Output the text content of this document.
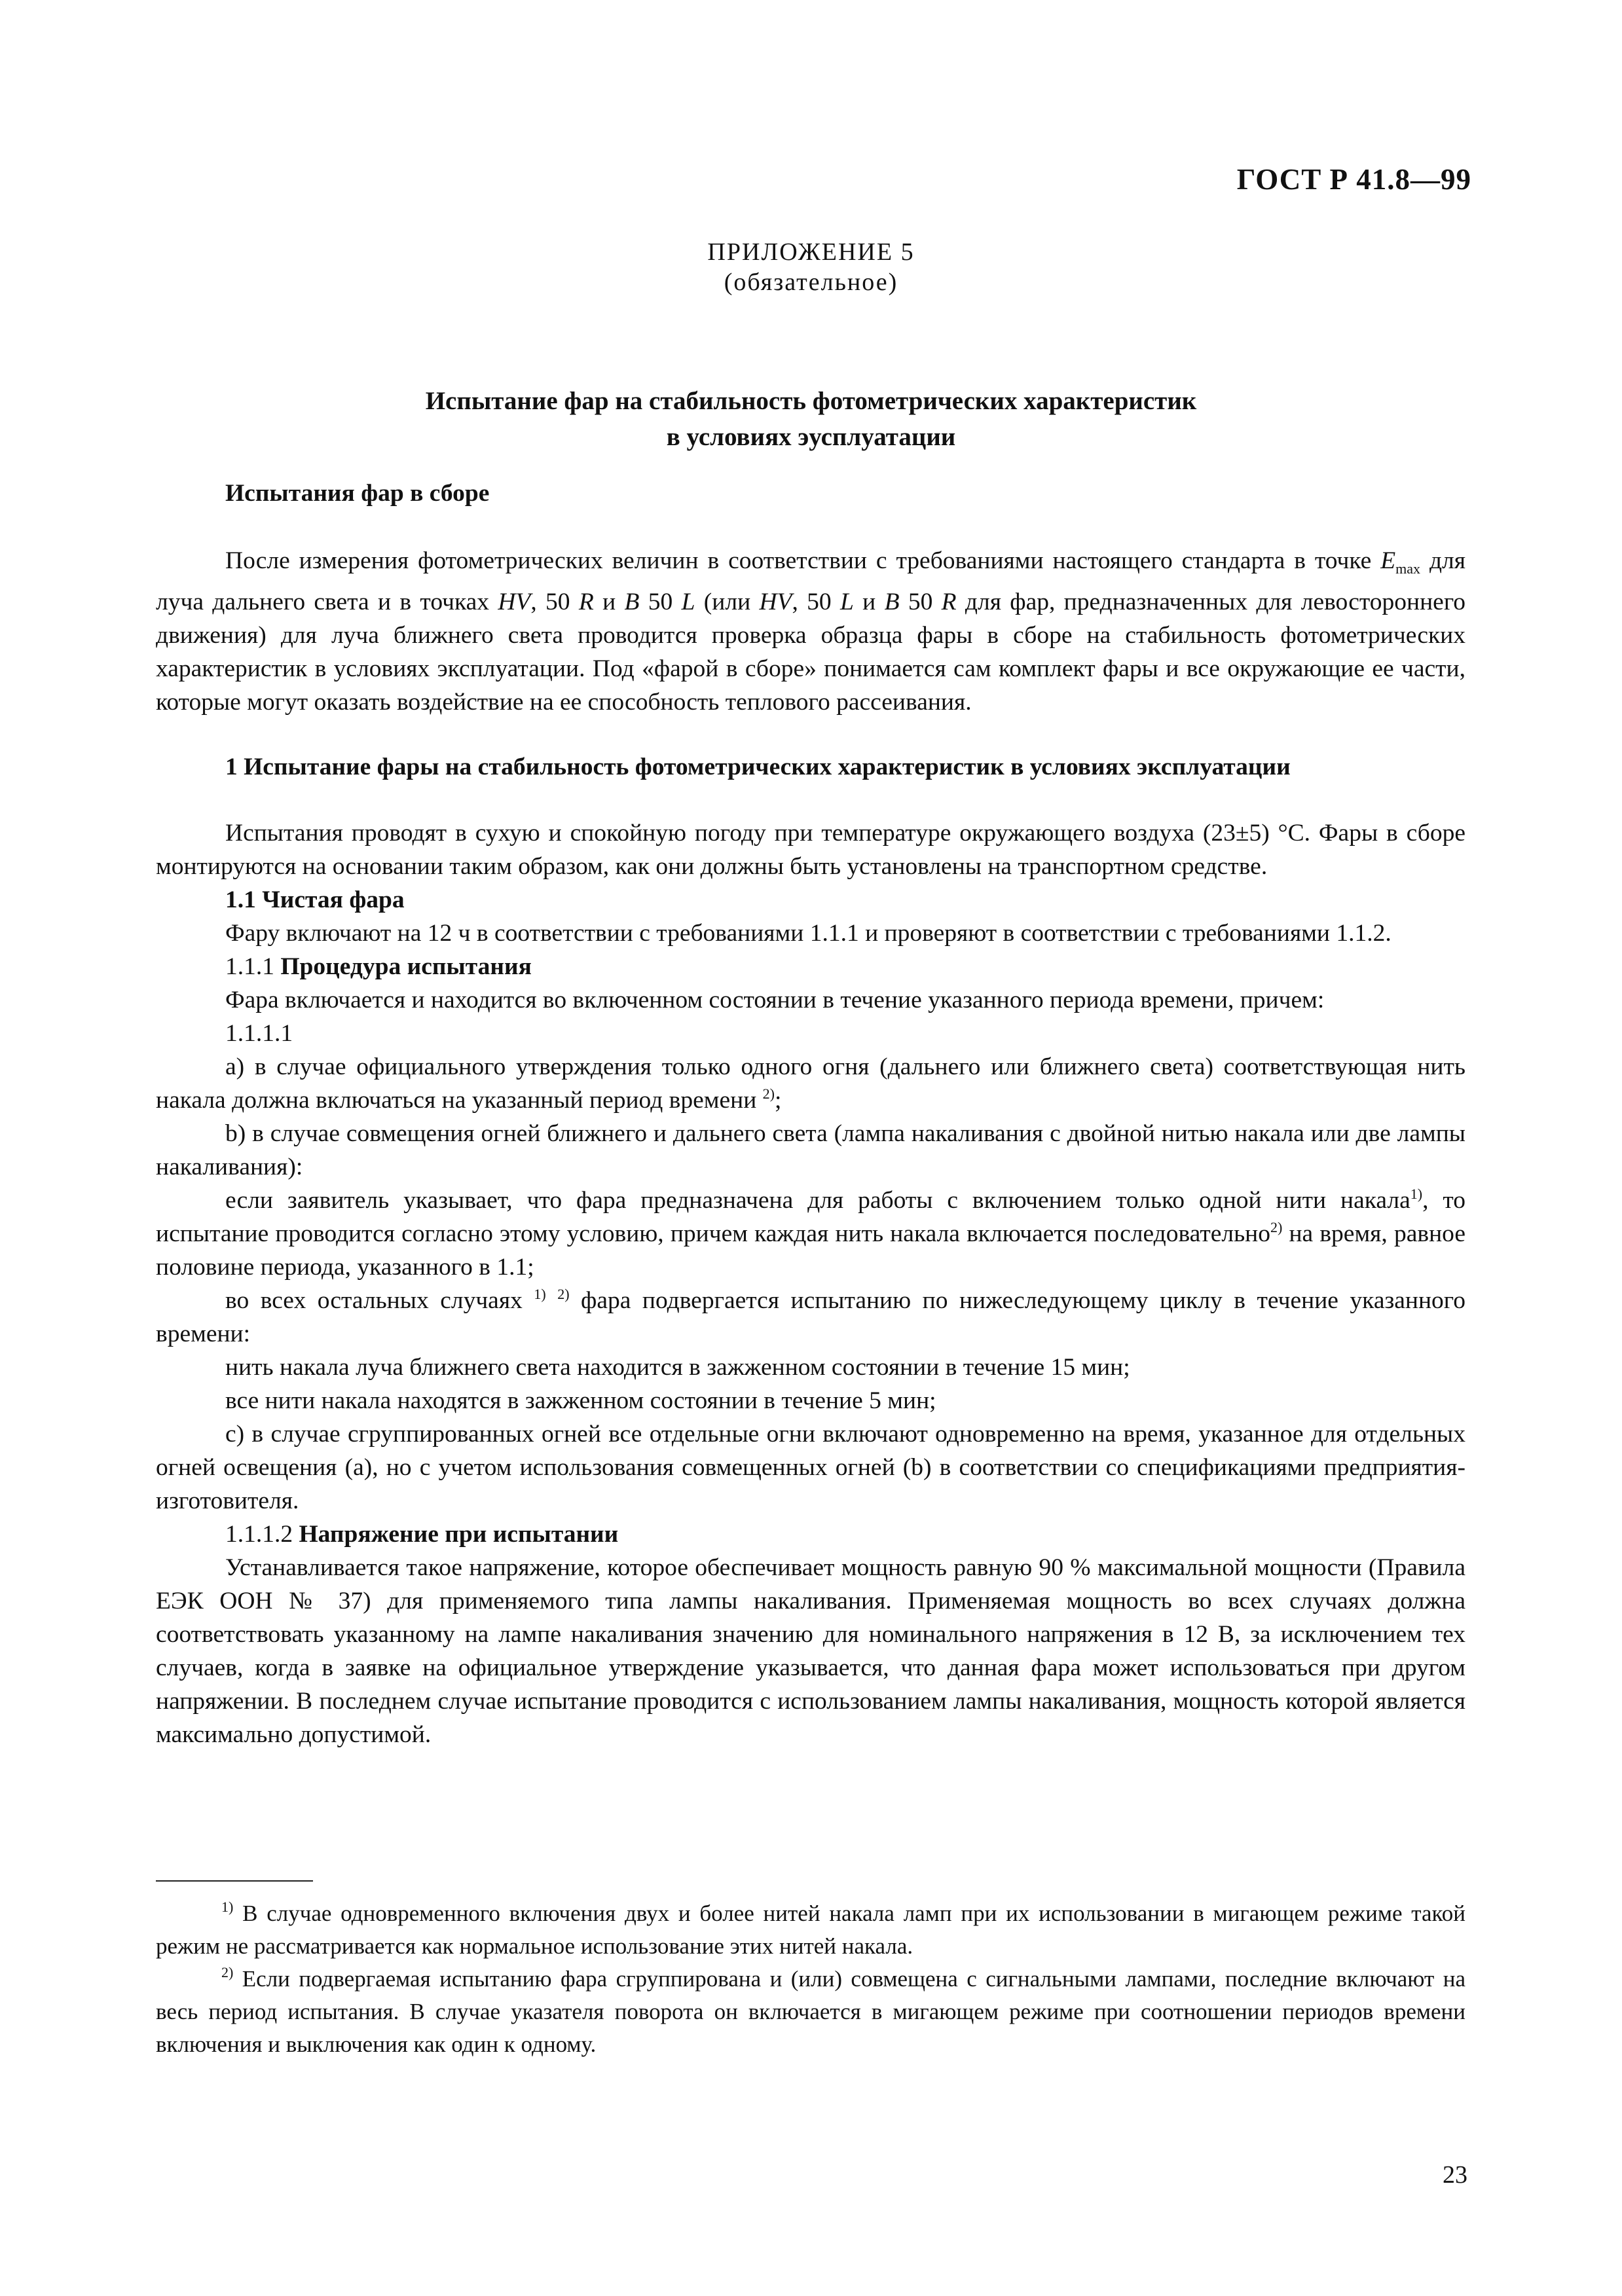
ГОСТ Р 41.8—99
ПРИЛОЖЕНИЕ 5
(обязательное)
Испытание фар на стабильность фотометрических характеристик
в условиях эусплуатации

Испытания фар в сборе

После измерения фотометрических величин в соответствии с требованиями настоящего стандарта в точке $E_{max}$ для луча дальнего света и в точках HV, 50 R и B 50 L (или HV, 50 L и B 50 R для фар, предназначенных для левостороннего движения) для луча ближнего света проводится проверка образца фары в сборе на стабильность фотометрических характеристик в условиях эксплуатации. Под «фарой в сборе» понимается сам комплект фары и все окружающие ее части, которые могут оказать воздействие на ее способность теплового рассеивания.

1 Испытание фары на стабильность фотометрических характеристик в условиях эксплуатации

Испытания проводят в сухую и спокойную погоду при температуре окружающего воздуха (23±5) °С. Фары в сборе монтируются на основании таким образом, как они должны быть установлены на транспортном средстве.

1.1 Чистая фара

Фару включают на 12 ч в соответствии с требованиями 1.1.1 и проверяют в соответствии с требованиями 1.1.2.

1.1.1 Процедура испытания

Фара включается и находится во включенном состоянии в течение указанного периода времени, причем:

1.1.1.1

a) в случае официального утверждения только одного огня (дальнего или ближнего света) соответствующая нить накала должна включаться на указанный период времени $^{2)}$;

b) в случае совмещения огней ближнего и дальнего света (лампа накаливания с двойной нитью накала или две лампы накаливания):

если заявитель указывает, что фара предназначена для работы с включением только одной нити накала$^{1)}$, то испытание проводится согласно этому условию, причем каждая нить накала включается последовательно$^{2)}$ на время, равное половине периода, указанного в 1.1;

во всех остальных случаях $^{1)}$ $^{2)}$ фара подвергается испытанию по нижеследующему циклу в течение указанного времени:

нить накала луча ближнего света находится в зажженном состоянии в течение 15 мин;

все нити накала находятся в зажженном состоянии в течение 5 мин;

c) в случае сгруппированных огней все отдельные огни включают одновременно на время, указанное для отдельных огней освещения (a), но с учетом использования совмещенных огней (b) в соответствии со спецификациями предприятия-изготовителя.

1.1.1.2 Напряжение при испытании

Устанавливается такое напряжение, которое обеспечивает мощность равную 90 % максимальной мощности (Правила ЕЭК ООН № 37) для применяемого типа лампы накаливания. Применяемая мощность во всех случаях должна соответствовать указанному на лампе накаливания значению для номинального напряжения в 12 В, за исключением тех случаев, когда в заявке на официальное утверждение указывается, что данная фара может использоваться при другом напряжении. В последнем случае испытание проводится с использованием лампы накаливания, мощность которой является максимально допустимой.

$^{1)}$ В случае одновременного включения двух и более нитей накала ламп при их использовании в мигающем режиме такой режим не рассматривается как нормальное использование этих нитей накала.

$^{2)}$ Если подвергаемая испытанию фара сгруппирована и (или) совмещена с сигнальными лампами, последние включают на весь период испытания. В случае указателя поворота он включается в мигающем режиме при соотношении периодов времени включения и выключения как один к одному.

23
